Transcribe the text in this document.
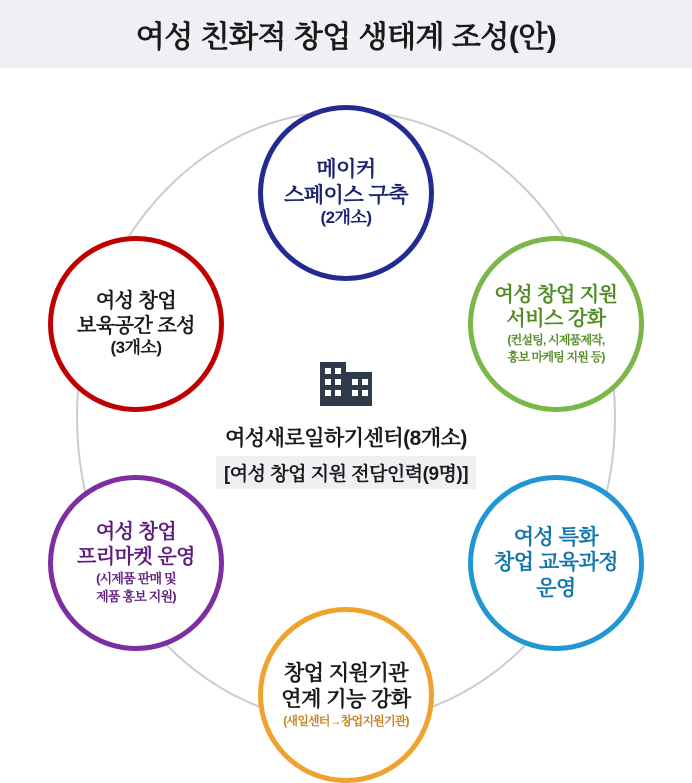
여성 친화적 창업 생태계 조성(안)
메이커
스페이스 구축
(2개소)
여성 창업 지원
서비스 강화
(컨설팅, 시제품제작,
홍보 마케팅 지원 등)
여성 특화
창업 교육과정
운영
창업 지원기관
연계 기능 강화
(새일센터→창업지원기관)
여성 창업
프리마켓 운영
(시제품 판매 및
제품 홍보 지원)
여성 창업
보육공간 조성
(3개소)
여성새로일하기센터(8개소)
[여성 창업 지원 전담인력(9명)]
